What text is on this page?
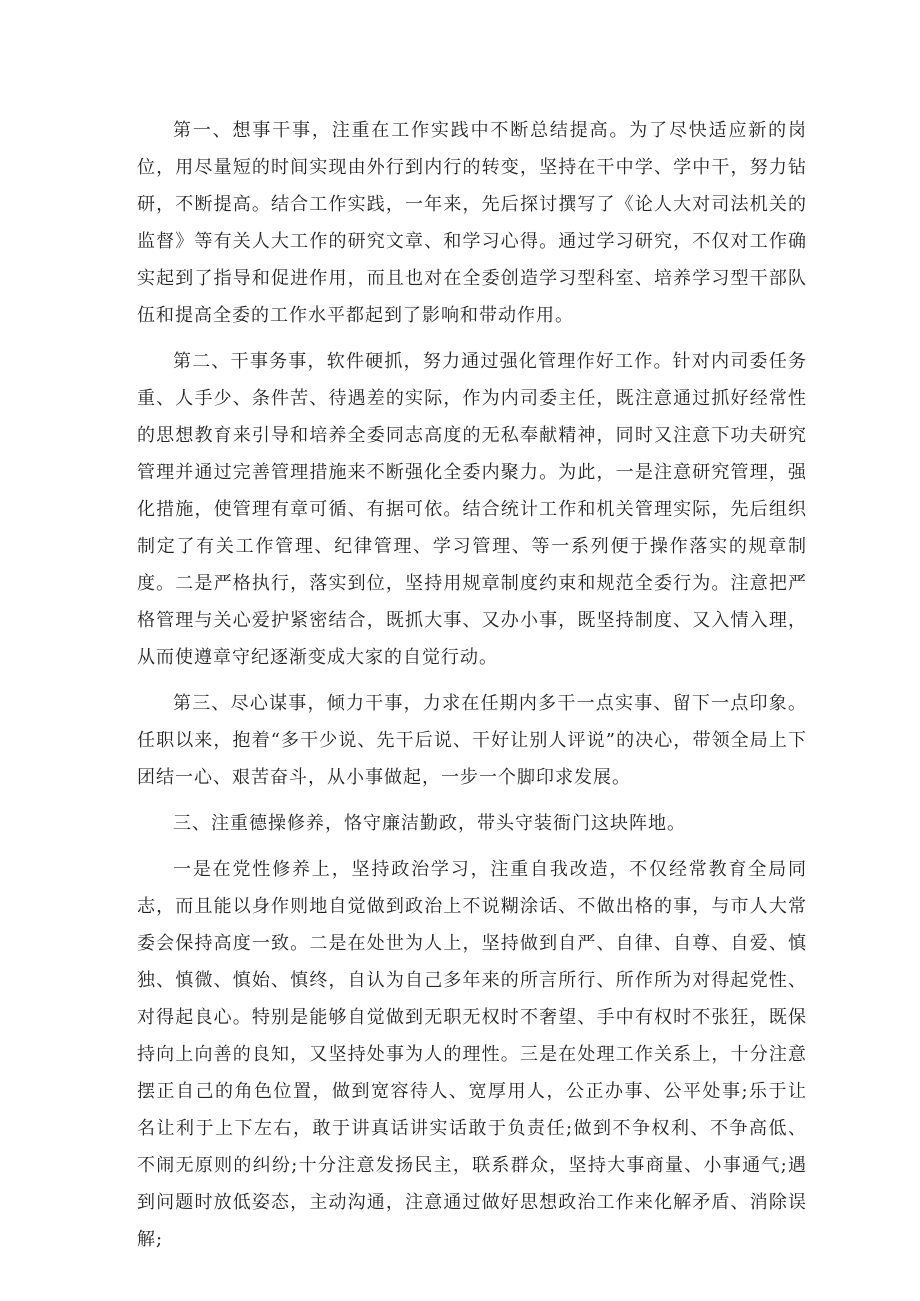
第一、想事干事，注重在工作实践中不断总结提高。为了尽快适应新的岗位，用尽量短的时间实现由外行到内行的转变，坚持在干中学、学中干，努力钻研，不断提高。结合工作实践，一年来，先后探讨撰写了《论人大对司法机关的监督》等有关人大工作的研究文章、和学习心得。通过学习研究，不仅对工作确实起到了指导和促进作用，而且也对在全委创造学习型科室、培养学习型干部队伍和提高全委的工作水平都起到了影响和带动作用。

第二、干事务事，软件硬抓，努力通过强化管理作好工作。针对内司委任务重、人手少、条件苦、待遇差的实际，作为内司委主任，既注意通过抓好经常性的思想教育来引导和培养全委同志高度的无私奉献精神，同时又注意下功夫研究管理并通过完善管理措施来不断强化全委内聚力。为此，一是注意研究管理，强化措施，使管理有章可循、有据可依。结合统计工作和机关管理实际，先后组织制定了有关工作管理、纪律管理、学习管理、等一系列便于操作落实的规章制度。二是严格执行，落实到位，坚持用规章制度约束和规范全委行为。注意把严格管理与关心爱护紧密结合，既抓大事、又办小事，既坚持制度、又入情入理，从而使遵章守纪逐渐变成大家的自觉行动。

第三、尽心谋事，倾力干事，力求在任期内多干一点实事、留下一点印象。任职以来，抱着“多干少说、先干后说、干好让别人评说”的决心，带领全局上下团结一心、艰苦奋斗，从小事做起，一步一个脚印求发展。

三、注重德操修养，恪守廉洁勤政，带头守装衙门这块阵地。

一是在党性修养上，坚持政治学习，注重自我改造，不仅经常教育全局同志，而且能以身作则地自觉做到政治上不说糊涂话、不做出格的事，与市人大常委会保持高度一致。二是在处世为人上，坚持做到自严、自律、自尊、自爱、慎独、慎微、慎始、慎终，自认为自己多年来的所言所行、所作所为对得起党性、对得起良心。特别是能够自觉做到无职无权时不奢望、手中有权时不张狂，既保持向上向善的良知，又坚持处事为人的理性。三是在处理工作关系上，十分注意摆正自己的角色位置，做到宽容待人、宽厚用人，公正办事、公平处事;乐于让名让利于上下左右，敢于讲真话讲实话敢于负责任;做到不争权利、不争高低、不闹无原则的纠纷;十分注意发扬民主，联系群众，坚持大事商量、小事通气;遇到问题时放低姿态，主动沟通，注意通过做好思想政治工作来化解矛盾、消除误解;
